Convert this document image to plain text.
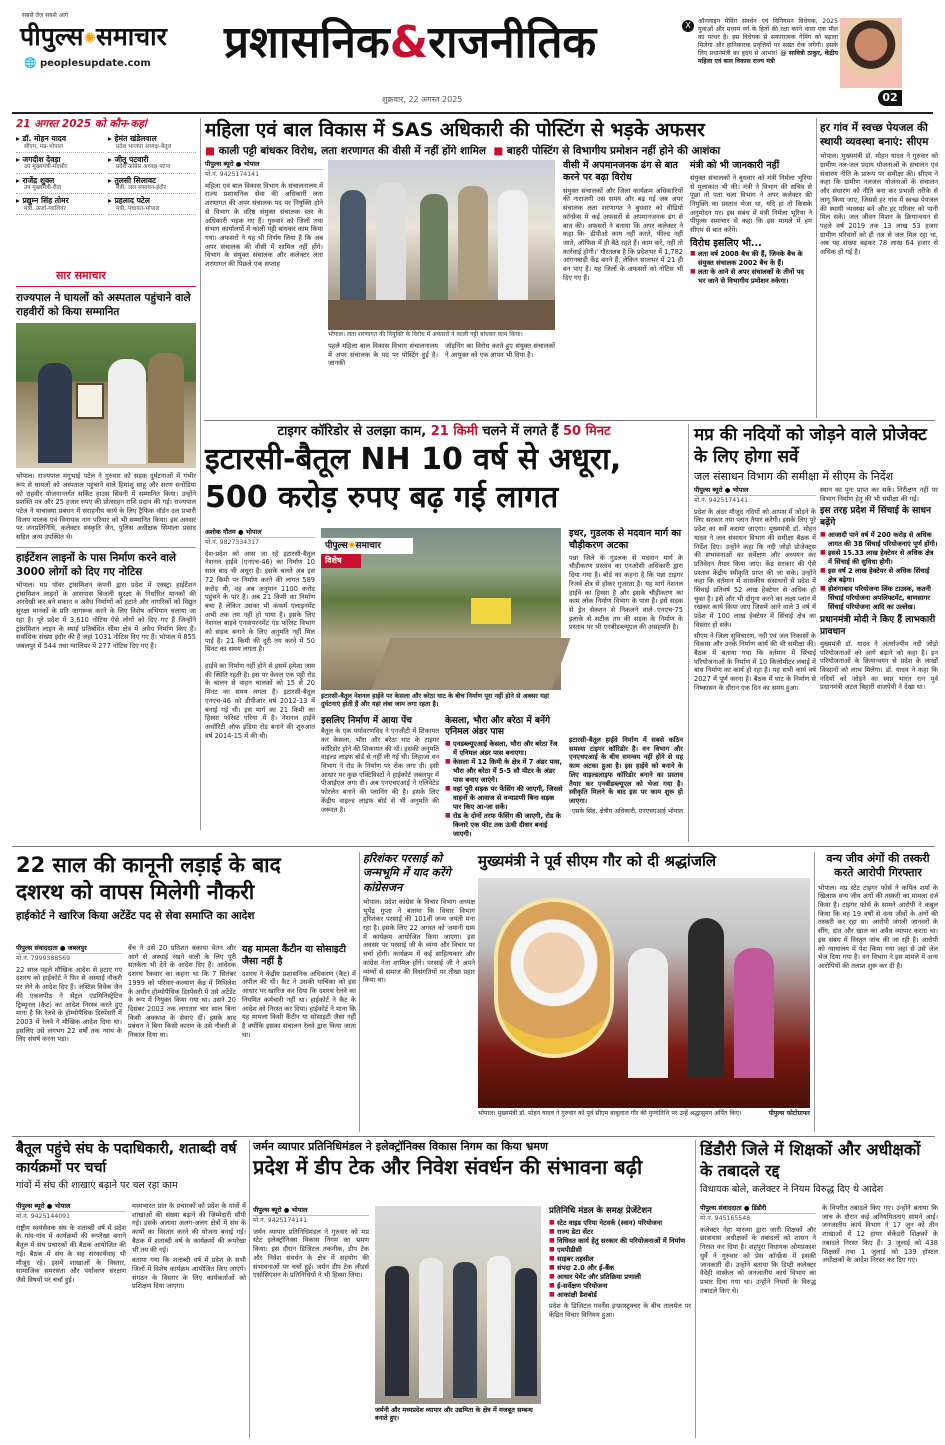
सबसे तेज़ सबसे आगे
पीपुल्स✺समाचार
🌐 peoplesupdate.com प्रशासनिक&राजनीतिक
शुक्रवार, 22 अगस्त 2025
X	ऑनलाइन मेमिंग संवर्धन एवं विनियमन विधेयक, 2025 युवाओं और मध्यम वर्ग के हितों की रक्षा करने वाला एक मील का पत्थर है। इस विधेयक से सकारात्मक गेमिंग को बढ़ावा मिलेगा और हानिकारक प्रवृत्तियों पर सख्त रोक लगेगी। इसके लिए प्रधानमंत्री का हृदय से आभार! @ सावित्री ठाकुर, केंद्रीय महिला एवं बाल विकास राज्य मंत्री
02
21 अगस्त 2025 को कौन-कहां
▸ डॉ. मोहन यादव
सीएम, मप्र-भोपाल
▸ हेमंत खंडेलवाल
प्रदेश भाजपा अध्यक्ष-बैतूल
▸ जगदीश देवड़ा
उप मुख्यमंत्री-मंदसौर
▸ जीतू पटवारी
प्रदेश कांग्रेस अध्यक्ष-पटना
▸ राजेंद्र शुक्ल
उप मुख्यमंत्री-रीवा
▸ तुलसी सिलावट
मंत्री, जल संसाधन-इंदौर
▸ प्रद्युम्न सिंह तोमर
मंत्री, ऊर्जा-ग्वालियर
▸ प्रहलाद पटेल
मंत्री, पंचायत-भोपाल
सार समाचार
राज्यपाल ने घायलों को अस्पताल पहुंचाने वाले राहवीरों को किया सम्मानित
भोपाल। राज्यपाल मंगुभाई पटेल ने गुरुवार को सड़क दुर्घटनाओं में गंभीर रूप से घायलों को अस्पताल पहुंचाने वाले हिमांशु साहू और सरण सनोडिया को राहवीर योजनान्तर्गत सर्किट हाउस सिवनी में सम्मानित किया। उन्होंने प्रशस्ति पत्र और 25 हजार रुपए की प्रोत्साहन राशि प्रदान की गई। राज्यपाल पटेल ने याचाक्या प्रबंधन में सराहनीय कार्य के लिए ट्रैफिक वॉर्डन दल प्रभारी विजय मालक एवं विनायक नाग परिवार को भी सम्मानित किया। इस अवसर पर जनप्रतिनिधि, कलेक्टर संस्कृति जैन, पुलिस अधीक्षक सिमाला प्रसाद सहित अन्य उपस्थित थे।
हाईटेंशन लाइनों के पास निर्माण करने वाले 3000 लोगों को दिए गए नोटिस
भोपाल। मप्र पॉवर ट्रांसमिशन कंपनी द्वारा प्रदेश में एक्स्ट्रा हाईटेंशन ट्रांसमिशन लाइनों के आसपास बिजली सुरक्षा के निर्धारित मानकों की अनदेखी कर बने मकान व अवैध निर्माणों को हटाने और नागरिकों को विद्युत सुरक्षा मानकों के प्रति जागरूक करने के लिए विशेष अभियान चलाया जा रहा है। पूरे प्रदेश में 3,610 नोटिस ऐसे लोगों को दिए गए हैं जिन्होंने ट्रांसमिशन लाइन के स्थाई प्रतिबंधित सीमा क्षेत्र में अवैध निर्माण किए हैं। सर्वाधिक संख्या इंदौर की है जहां 1031 नोटिस दिए गए हैं। भोपाल में 855 जबलपुर में 544 तथा ग्वालियर में 277 नोटिस दिए गए हैं।
महिला एवं बाल विकास में SAS अधिकारी की पोस्टिंग से भड़के अफसर
■ काली पट्टी बांधकर विरोध, लता शरणागत की वीसी में नहीं होंगे शामिल  ■ बाहरी पोस्टिंग से विभागीय प्रमोशन नहीं होने की आशंका
पीपुल्स ब्यूरो ● भोपाल
मो.नं. 9425174141
महिला एवं बाल विकास विभाग के संचालनालय में राज्य प्रशासनिक सेवा की अधिकारी लता शरणागत की अपर संचालक पद पर नियुक्ति होने से विभाग के वरिष्ठ संयुक्त संचालक स्तर के अधिकारी भड़क गए हैं। गुरुवार को जिलों तथा संभाग कार्यालयों में काली पट्टी बांधकर काम किया गया। अफसरों ने यह भी निर्णय लिया है कि अब अपर संचालक की वीसी में शामिल नहीं होंगे। विभाग के संयुक्त संचालक और कलेक्टर लता शरणागत की पिछले एक सप्ताह
भोपाल। लता शरणागत की नियुक्ति के विरोध में अफसरों ने काली पट्टी बांधकर काम किया।
पहले महिला बाल विकास विभाग संचालनालय में अपर संचालक के पद पर पोस्टिंग हुई है। जानकी
जॉइनिंग का विरोध करते हुए संयुक्त संचालकों ने आयुक्त को एक ज्ञापन भी दिया है।
वीसी में अपमानजनक ढंग से बात करने पर बढ़ा विरोध
संयुक्त संचालकों और जिला कार्यक्रम अधिकारियों की नाराजगी उस समय और बढ़ गई जब अपर संचालक लता शरणागत ने बुधवार को वीडियो कॉन्फ्रेंस में कई अफसरों से अपमानजनक ढंग से बात की। अफसरों ने बताया कि अपर कलेक्टर ने कहा कि- डीपीओ काम नहीं करते, फील्ड नहीं जाते, ऑफिस में ही बैठे रहते हैं। काम करें, नहीं तो कार्रवाई होगी।' गौरतलब है कि प्रदेशभर में 1,782 आंगनबाड़ी केंद्र बनने हैं, लेकिन सालभर में 21 ही बन पाए हैं। यह जिलों के अफसरों को नोटिस भी दिए गए हैं।
मंत्री को भी जानकारी नहीं
संयुक्त संचालकों ने बुधवार को मंत्री निर्मला भूरिया से मुलाकात भी की। मंत्री ने विभाग की सचिव से पूछा तो पता चला विभाग ने अपर कलेक्टर की नियुक्ति का प्रस्ताव भेजा था, यदि हां तो किसके अनुमोदन पर। इस संबंध में मंत्री निर्मला भूरिया ने पीपुल्स समाचार से कहा कि इस मामले में हम सीएम से बात करेंगे।
विरोध इसलिए भी...
■ लता वर्ष 2008 बैच की हैं, जिनके बैच के संयुक्त संचालक 2002 बैच के हैं।
■ लता के आने से अपर संचालकों के तीनों पद भर जाने से विभागीय प्रमोशन रुकेगा।
हर गांव में स्वच्छ पेयजल की स्थायी व्यवस्था बनाएं: सीएम
भोपाल। मुख्यमंत्री डॉ. मोहन यादव ने गुरुवार को ग्रामीण नल-जल प्रदाय योजनाओं के संचालन एवं संधारण नीति के प्रारूप पर समीक्षा की। सीएम ने कहा कि ग्रामीण नलजल योजनाओं के संचालन और संधारण को नीति बना कर प्रभावी तरीके से लागू किया जाए, जिससे हर गांव में स्वच्छ पेयजल की स्थायी व्यवस्था बने और हर परिवार को पानी मिल सके। जल जीवन मिशन के क्रियान्वयन से पहले वर्ष 2019 तक 13 लाख 53 हजार ग्रामीण परिवारों को ही नल से जल मिल रहा था, अब यह संख्या बढ़कर 78 लाख 64 हजार से अधिक हो गई है।
टाइगर कॉरिडोर से उलझा काम, 21 किमी चलने में लगते हैं 50 मिनट
इटारसी-बैतूल NH 10 वर्ष से अधूरा,
500 करोड़ रुपए बढ़ गई लागत
अशोक गौतम ● भोपाल
मो.नं. 9827334317
देश-प्रदेश को आस जा रहे इटारसी-बैतूल नेशनल हाईवे (एनएच-46) का निर्माण 10 साल बाद भी अधूरा है। इसके चलते अब इस 72 किमी पर निर्माण करने की लागत 589 करोड़ थी, वह अब अनुमान 1100 करोड़ पहुंचने के पार है। अब 21 किमी का निर्माण बचा है लेकिन उसका भी कंफर्म एलाइनमेंट अभी तक तय नहीं हो पाया है। इसके लिए नेशनल बाइवे एनवायरनमेंट एंड फॉरेस्ट विभाग को सड़क बनाने के लिए अनुमति नहीं मिल पाई है। 21 किमी की दूरी तय करने में 50 मिनट का समय लगता है।
हाईवे का निर्माण नहीं होने से इसमें हमेशा जाम की स्थिति रहती है। इस पर केवल एक पट्टी रोड के चालन से वाहन चालकों को 15 से 20 मिनट का समय लगता है। इटारसी-बैतूल एनएच-46 को डीपीआर वर्ष 2012-13 में बनाई गई थी। इस मार्ग का 21 किमी का हिस्सा फॉरेस्ट एरिया में है। नेशनल हाईवे अथॉरिटी ऑफ इंडिया रोड बनाने की शुरुआत वर्ष 2014-15 में की थी।
पीपुल्स✺समाचार
विशेष
इटारसी-बैतूल नेशनल हाईवे पर केसला और बरेठा घाट के बीच निर्माण पूरा नहीं होने से अक्सर यहां दुर्घटनाएं होती हैं और यहां लंबा जाम लगा रहता है।
इसलिए निर्माण में आया पेंच
बैतूल के एक पर्यावरणविद ने एनजीटी में शिकायत कर केसला, भौरा और बरेठा घाट के टाइगर कॉरिडोर होने की शिकायत की थी। इसकी अनुमति वाइल्ड लाइफ बोर्ड से नहीं ली गई थी। लिहाजा वन विभाग ने रोड के निर्माण पर रोक लगा दी। इसी आधार पर कुछ एक्टिविस्टों ने हाईकोर्ट जबलपुर में पीआईएल लगा दी। अब एनएचएआई ने एलिवेटेड फोरलेन बनाने की प्लानिंग की है। इसके लिए केंद्रीय वाइल्ड लाइफ बोर्ड से भी अनुमति की जरूरत है।
केसला, भौरा और बरेठा में बनेंगे एनिमल अंडर पास
■ एनडब्ल्यूएआई केसला, भौरा और बरेठा रेंज में एनिमल अंडर पास बनाएगा।
■ केसला में 12 किमी के क्षेत्र में 7 अंडर पास, भौरा और बरेठा में 5-5 सौ मीटर के अंडर पास बनाए जाएंगे।
■ वहां पूरी सड़क पर फेंसिंग की जाएगी, जिससे वाहनों के आवाज से वन्यप्राणी बिना सड़क पार किए आ-जा सकें।
■ रोड के दोनों तरफ फेंसिंग की जाएगी, रोड के किनारे एक फीट तक ऊंची दीवार बनाई जाएगी।
इधर, गुडलक से मदवान मार्ग का चौड़ीकरण अटका
पन्ना जिले के गुडलक से मदवान मार्ग के चौड़ीकरण प्रस्ताव का एनओसी अधिकारी द्वारा दिया गया है। बोर्ड का कहना है कि पन्ना टाइगर रिजर्व क्षेत्र से होकर गुजरता है। यह मार्ग नेशनल हाईवे का हिस्सा है और इसके चौड़ीकरण का काम लोक निर्माण विभाग के पास है। इसे सड़क से ड्रेन सेक्शन से निकलने वाले एनएच-75 इलाके से सटीक तय की सड़क के निर्माण के प्रस्ताव पर भी एनबीडब्ल्यूएल की असहमति है।
इटारसी-बैतूल हाईवे निर्माण में सबसे कठिन समस्या टाइगर कॉरिडोर है। वन विभाग और एनएचएआई के बीच समन्वय नहीं होने से यह काम अटका हुआ है। इस हाईवे को बनाने के लिए वाइल्डलाइफ कॉरिडोर बनाने का प्रस्ताव तैयार कर एनबीडब्ल्यूएल को भेजा गया है। स्वीकृति मिलने के बाद इस पर काम शुरू हो जाएगा।
एसके सिंह, क्षेत्रीय अधिकारी, एनएचएआई भोपाल
मप्र की नदियों को जोड़ने वाले प्रोजेक्ट के लिए होगा सर्वे
जल संसाधन विभाग की समीक्षा में सीएम के निर्देश
पीपुल्स ब्यूरो ● भोपाल
मो.नं. 9425174141
प्रदेश के अंदर मौजूद नदियों को आपस में जोड़ने के लिए सरकार नया प्लान तैयार करेगी। इसके लिए पूरे प्रदेश का सर्वे कराया जाएगा। मुख्यमंत्री डॉ. मोहन यादव ने जल संसाधन विभाग की समीक्षा बैठक में निर्देश दिए। उन्होंने कहा कि नदी जोड़ो प्रोजेक्ट्स की संभावनाओं का सर्वेक्षण और अध्ययन कर प्रतिवेदन तैयार किया जाए। केंद्र सरकार की ऐसे प्रस्ताव केंद्रीय स्वीकृति प्राप्त की जा सके। उन्होंने कहा कि वर्तमान में शासकीय संसाधनों से प्रदेश में सिंचाई प्रतिवर्ष 52 लाख हेक्टेयर से अधिक हो चुका है। इसे और भी दोगुना करने का लक्ष्य प्लान में रखकर कार्य किया जाए जिसमें आने वाले 3 वर्ष में प्रदेश में 100 लाख हेक्टेयर में सिंचाई क्षेत्र का विस्तार हो सके।
सीएम ने जिला सुविचारण, नदी एवं जल निकासों के विकास और उनके निर्माण कार्य की भी समीक्षा की। बैठक में बताया गया कि वर्तमान में सिंचाई परियोजनाओं के निर्माण में 10 किलोमीटर लंबाई में बांध निर्माण का कार्य हो रहा है। यह सभी कार्य वर्ष 2027 में पूर्ण करना है। बैठक में घाट के निर्माण से निष्कासन के दौरान एक दिन का समय हुआ।
स्थान का पुनः प्राप्त कर सकें। निरीक्षण नहीं पर विभाग निर्माण हेतु की भी समीक्षा की गई।
इस तरह प्रदेश में सिंचाई के साधन बढ़ेंगे
■ आजादी पाने वर्ष में 200 करोड़ से अधिक लागत की 38 सिंचाई परियोजनाएं पूर्ण होंगी।
■ इससे 15.33 लाख हेक्टेयर से अधिक क्षेत्र में सिंचाई की सुविधा होगी।
■ इस वर्ष 2 लाख हेक्टेयर से अधिक सिंचाई क्षेत्र बढ़ेगा।
■ होशंगाबाद परियोजना लिंक टाउस्क, कतनी सिंचाई परियोजना अपलिफ्टमेंट, बाणसागर सिंचाई परियोजना आदि का उल्लेख।
प्रधानमंत्री मोदी ने किए हैं लाभकारी प्रावधान
मुख्यमंत्री डॉ. यादव ने अंतर्राज्यीय नदी जोड़ो परियोजनाओं को आगे बढ़ाने को कहा है। इन परियोजनाओं के क्रियान्वयन से प्रदेश के लाखों किसानों को लाभ मिलेगा। डॉ. यादव ने कहा कि नदियों को जोड़ने का स्वप्न भारत रत्न पूर्व प्रधानमंत्री अटल बिहारी वाजपेयी ने देखा था।
22 साल की कानूनी लड़ाई के बाद
दशरथ को वापस मिलेगी नौकरी
हाईकोर्ट ने खारिज किया अटेंडेंट पद से सेवा समाप्ति का आदेश
पीपुल्स संवाददाता ● जबलपुर
मो.नं. 7999388569
22 साल पहले मौखिक आदेश से हटाए गए दशरथ को हाईकोर्ट ने फिर से अस्थाई नौकरी पर लेने के आदेश दिए हैं। जस्टिस विवेक जैन की एकलपीठ ने सेंट्रल एडमिनिस्ट्रेटिव ट्रिब्यूनल (कैट) का आदेश निरस्त्र करते हुए माना है कि रेलवे के होम्योपैथिक डिस्पेंसरी में 2003 में रेलवे ने मौखिक आदेश दिया था। इसलिए उसे लगभग 22 वर्षों तक न्याय के लिए संघर्ष करना पड़ा।
बेंच ने उसे 20 प्रतिशत बकाया वेतन और आगे से अस्थाई रखने वाली के लिए पूरी सतर्कता भी देने के आदेश दिए हैं। आवेदक दशरथ रैकवार का कहना था कि 7 सितंबर 1999 को परिवार-कल्याण केंद्र में मिथिलेश के अधीन होम्योपैथिक डिस्पेंसरी में उसे अटेंडेंट के रूप में नियुक्त किया गया था। उसने 20 दिसंबर 2003 तक लगातार चार साल बिना किसी अवकाश के सेवाएं दीं। इसके बाद प्रबंधन ने बिना किसी कारण के उसे नौकरी से निकाल दिया था।
यह मामला कैंटीन या सोसाइटी जैसा नहीं है
दशरथ ने केंद्रीय प्रशासनिक अधिकरण (कैट) में अपील की थी। कैट ने उसकी याचिका को इस आधार पर खारिज कर दिया कि दशरथ रेलवे का नियमित कर्मचारी नहीं था। हाईकोर्ट ने कैट के आदेश को निरस्त कर दिया। हाईकोर्ट ने माना कि यह मामला किसी कैंटीन या सोसाइटी जैसा नहीं है क्योंकि इसका संचालन रेलवे द्वारा किया जाता था।
हरिशंकर परसाई को जन्मभूमि में याद करेंगे कांग्रेसजन
भोपाल। प्रदेश कांग्रेस के विचार विभाग अध्यक्ष भूपेंद्र गुप्ता ने बताया कि विचार विभाग हरिशंकर परसाई की 101वीं जन्म जयंती मना रहा है। इसके लिए 22 अगस्त को जमानी ग्राम में कार्यक्रम आयोजित किया जाएगा। इस अवसर पर परसाई जी के व्यंग्य और विचार पर चर्चा होगी। कार्यक्रम में कई साहित्यकार और कांग्रेस नेता शामिल होंगे। परसाई जी ने अपने व्यंग्यों से समाज की विसंगतियों पर तीखा प्रहार किया था।
मुख्यमंत्री ने पूर्व सीएम गौर को दी श्रद्धांजलि
भोपाल। मुख्यमंत्री डॉ. मोहन यादव ने गुरुवार को पूर्व सीएम बाबूलाल गौर की पुण्यतिथि पर उन्हें श्रद्धासुमन अर्पित किए।	पीपुल्स फोटोग्राफर
वन्य जीव अंगों की तस्करी करते आरोपी गिरफ्तार
भोपाल। मप्र स्टेट टाइगर फोर्स ने कपिल शर्मा के खिलाफ वन्य जीव अंगों की तस्करी का मामला दर्ज किया है। टाइगर फोर्स के सामने आरोपी ने कबूल किया कि वह 19 वर्षों से वन्य जीवों के अंगों की तस्करी कर रहा था। आरोपी जंगली जानवरों के सींग, दांत और खाल का अवैध व्यापार करता था। इस संबंध में विस्तृत जांच की जा रही है। आरोपी को न्यायालय में पेश किया गया जहां से उसे जेल भेज दिया गया है। वन विभाग ने इस मामले में अन्य आरोपियों की तलाश शुरू कर दी है।
बैतूल पहुंचे संघ के पदाधिकारी, शताब्दी वर्ष कार्यक्रमों पर चर्चा
गांवों में संघ की शाखाएं बढ़ाने पर चल रहा काम
पीपुल्स ब्यूरो ● भोपाल
मो.नं. 9425144091
राष्ट्रीय स्वयंसेवक संघ के शताब्दी वर्ष में प्रदेश के गांव-गांव में कार्यक्रमों की रूपरेखा बनाने बैतूल में संघ प्रचारकों की बैठक आयोजित की गई। बैठक में संघ के सह सरकार्यवाह भी मौजूद रहे। इसमें शाखाओं के विस्तार, सामाजिक समरसता और पर्यावरण संरक्षण जैसे विषयों पर चर्चा हुई।
मध्यभारत प्रांत के प्रचारकों को प्रदेश के गांवों में शाखाओं की संख्या बढ़ाने की जिम्मेदारी सौंपी गई। इसके अलावा अलग-अलग क्षेत्रों में संघ के कार्यों का विस्तार करने की योजना बनाई गई। बैठक में शताब्दी वर्ष के कार्यक्रमों की रूपरेखा भी तय की गई।
बताया गया कि शताब्दी वर्ष में प्रदेश के सभी जिलों में विशेष कार्यक्रम आयोजित किए जाएंगे। संगठन के विस्तार के लिए कार्यकर्ताओं को प्रशिक्षण दिया जाएगा।
जर्मन व्यापार प्रतिनिधिमंडल ने इलेक्ट्रॉनिक्स विकास निगम का किया भ्रमण
प्रदेश में डीप टेक और निवेश संवर्धन की संभावना बढ़ी
पीपुल्स ब्यूरो ● भोपाल
मो.नं. 9425174141
जर्मन व्यापार प्रतिनिधिमंडल ने गुरुवार को मप्र स्टेट इलेक्ट्रॉनिक्स विकास निगम का भ्रमण किया। इस दौरान डिजिटल तकनीक, डीप टेक और निवेश संवर्धन के क्षेत्र में सहयोग की संभावनाओं पर चर्चा हुई। जर्मन डीप टेक लीडर्स एसोसिएशन के प्रतिनिधियों ने भी हिस्सा लिया।
जर्मनी और मध्यप्रदेश व्यापार और उद्यमिता के क्षेत्र में मजबूत सम्बन्ध बनाते हुए।
प्रतिनिधि मंडल के समक्ष प्रेजेंटेशन
■ स्टेट वाइड एरिया नेटवर्क (स्वान) परियोजना
■ राज्य डेटा सेंटर
■ विधिवत कार्य हेतु सरकार की परियोजनाओं में निर्माण
■ एमपीडीसी
■ साइबर तहसील
■ संपदा 2.0 और ई-बैंक
■ आधार पेमेंट और प्रतिक्रिया प्रणाली
■ ई-सर्वेक्षण परियोजना
■ आकांक्षी डैशबोर्ड
प्रदेश के डिजिटल गवर्नेंस इन्फ्रास्ट्रक्चर के बीच तालमेल पर केंद्रित विचार विनिमय हुआ।
डिंडौरी जिले में शिक्षकों और अधीक्षकों के तबादले रद्द
विधायक बोले, कलेक्टर ने नियम विरुद्ध दिए थे आदेश
पीपुल्स संवाददाता ● डिंडौरी
मो.नं. 945165548
कलेक्टर नेहा मारव्या द्वारा जारी शिक्षकों और छात्रावास अधीक्षकों के तबादलों को शासन ने निरस्त कर दिया है। शहपुरा विधायक ओमप्रकाश धुर्वे ने गुरुवार को प्रेस कॉन्फ्रेंस में इसकी जानकारी दी। उन्होंने बताया कि डिप्टी कलेक्टर वैदेही वास्केल को जनजातीय कार्य विभाग का प्रभार दिया गया था। उन्होंने नियमों के विरुद्ध तबादले किए थे।
के विपरीत तबादले किए गए। उन्होंने बताया कि जांच के दौरान कई अनियमितताएं सामने आईं। जनजातीय कार्य विभाग ने 17 जुन को तीन शाखाओं में 12 हायर सेकेंडरी शिक्षकों के तबादले निरस्त किए हैं। 3 जुलाई को 438 शिक्षकों तथा 1 जुलाई को 139 हॉस्टल अधीक्षकों के आदेश निरस्त कर दिए गए।
